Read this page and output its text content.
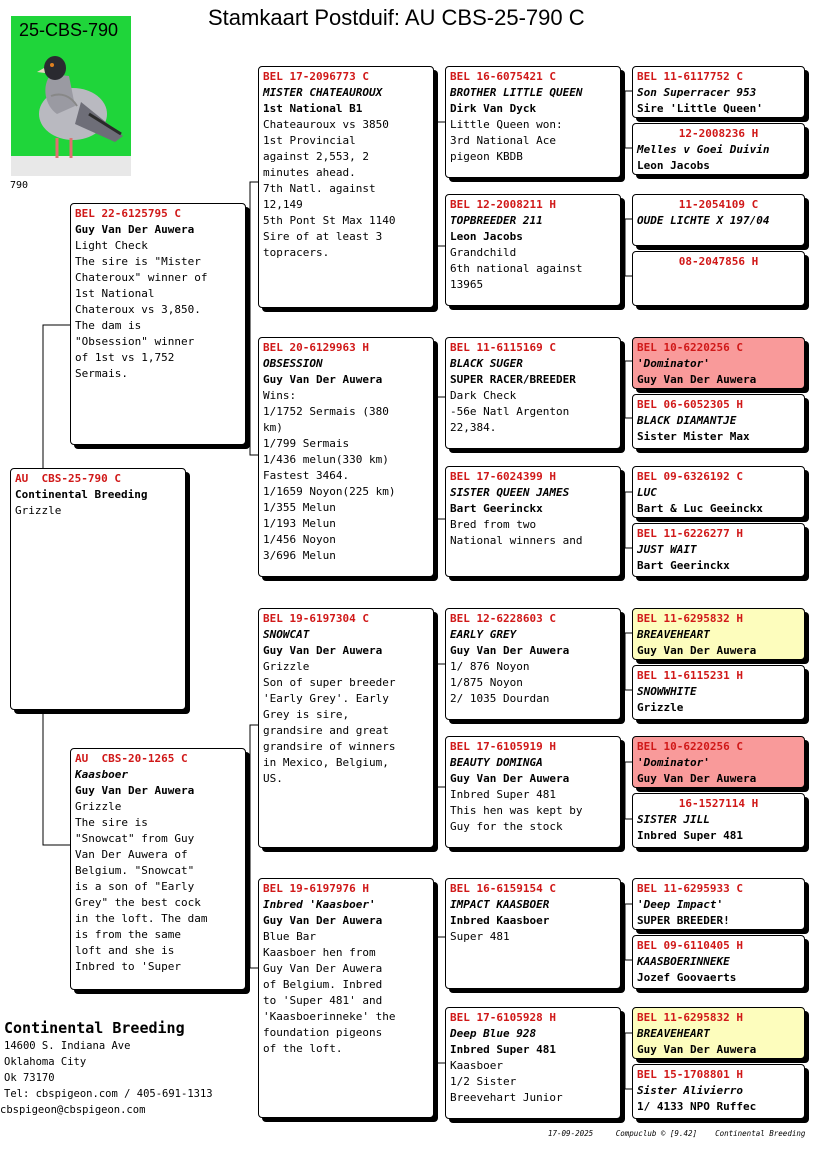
Stamkaart Postduif: AU CBS-25-790 C
25-CBS-790
790
AU  CBS-25-790 C
Continental Breeding
Grizzle
BEL 22-6125795 C
Guy Van Der Auwera
Light Check
The sire is "Mister
Chateroux" winner of
1st National
Chateroux vs 3,850.
The dam is
"Obsession" winner
of 1st vs 1,752
Sermais.
AU  CBS-20-1265 C
Kaasboer
Guy Van Der Auwera
Grizzle
The sire is
"Snowcat" from Guy
Van Der Auwera of
Belgium. "Snowcat"
is a son of "Early
Grey" the best cock
in the loft. The dam
is from the same
loft and she is
Inbred to 'Super
BEL 17-2096773 C
MISTER CHATEAUROUX
1st National B1
Chateauroux vs 3850
1st Provincial
against 2,553, 2
minutes ahead.
7th Natl. against
12,149
5th Pont St Max 1140
Sire of at least 3
topracers.
BEL 20-6129963 H
OBSESSION
Guy Van Der Auwera
Wins:
1/1752 Sermais (380
km)
1/799 Sermais
1/436 melun(330 km)
Fastest 3464.
1/1659 Noyon(225 km)
1/355 Melun
1/193 Melun
1/456 Noyon
3/696 Melun
BEL 19-6197304 C
SNOWCAT
Guy Van Der Auwera
Grizzle
Son of super breeder
'Early Grey'. Early
Grey is sire,
grandsire and great
grandsire of winners
in Mexico, Belgium,
US.
BEL 19-6197976 H
Inbred 'Kaasboer'
Guy Van Der Auwera
Blue Bar
Kaasboer hen from
Guy Van Der Auwera
of Belgium. Inbred
to 'Super 481' and
'Kaasboerinneke' the
foundation pigeons
of the loft.
BEL 16-6075421 C
BROTHER LITTLE QUEEN
Dirk Van Dyck
Little Queen won:
3rd National Ace
pigeon KBDB
BEL 12-2008211 H
TOPBREEDER 211
Leon Jacobs
Grandchild
6th national against
13965
BEL 11-6115169 C
BLACK SUGER
SUPER RACER/BREEDER
Dark Check
-56e Natl Argenton
22,384.
BEL 17-6024399 H
SISTER QUEEN JAMES
Bart Geerinckx
Bred from two
National winners and
BEL 12-6228603 C
EARLY GREY
Guy Van Der Auwera
1/ 876 Noyon
1/875 Noyon
2/ 1035 Dourdan
BEL 17-6105919 H
BEAUTY DOMINGA
Guy Van Der Auwera
Inbred Super 481
This hen was kept by
Guy for the stock
BEL 16-6159154 C
IMPACT KAASBOER
Inbred Kaasboer
Super 481
BEL 17-6105928 H
Deep Blue 928
Inbred Super 481
Kaasboer
1/2 Sister
Breevehart Junior
BEL 11-6117752 C
Son Superracer 953
Sire 'Little Queen'
12-2008236 H
Melles v Goei Duivin
Leon Jacobs
11-2054109 C
OUDE LICHTE X 197/04
08-2047856 H
BEL 10-6220256 C
'Dominator'
Guy Van Der Auwera
BEL 06-6052305 H
BLACK DIAMANTJE
Sister Mister Max
BEL 09-6326192 C
LUC
Bart & Luc Geeinckx
BEL 11-6226277 H
JUST WAIT
Bart Geerinckx
BEL 11-6295832 H
BREAVEHEART
Guy Van Der Auwera
BEL 11-6115231 H
SNOWWHITE
Grizzle
BEL 10-6220256 C
'Dominator'
Guy Van Der Auwera
16-1527114 H
SISTER JILL
Inbred Super 481
BEL 11-6295933 C
'Deep Impact'
SUPER BREEDER!
BEL 09-6110405 H
KAASBOERINNEKE
Jozef Goovaerts
BEL 11-6295832 H
BREAVEHEART
Guy Van Der Auwera
BEL 15-1708801 H
Sister Alivierro
1/ 4133 NPO Ruffec
Continental Breeding
14600 S. Indiana Ave
Oklahoma City
Ok 73170
Tel: cbspigeon.com / 405-691-1313
cbspigeon@cbspigeon.com
17-09-2025	Compuclub © [9.42] Continental Breeding
